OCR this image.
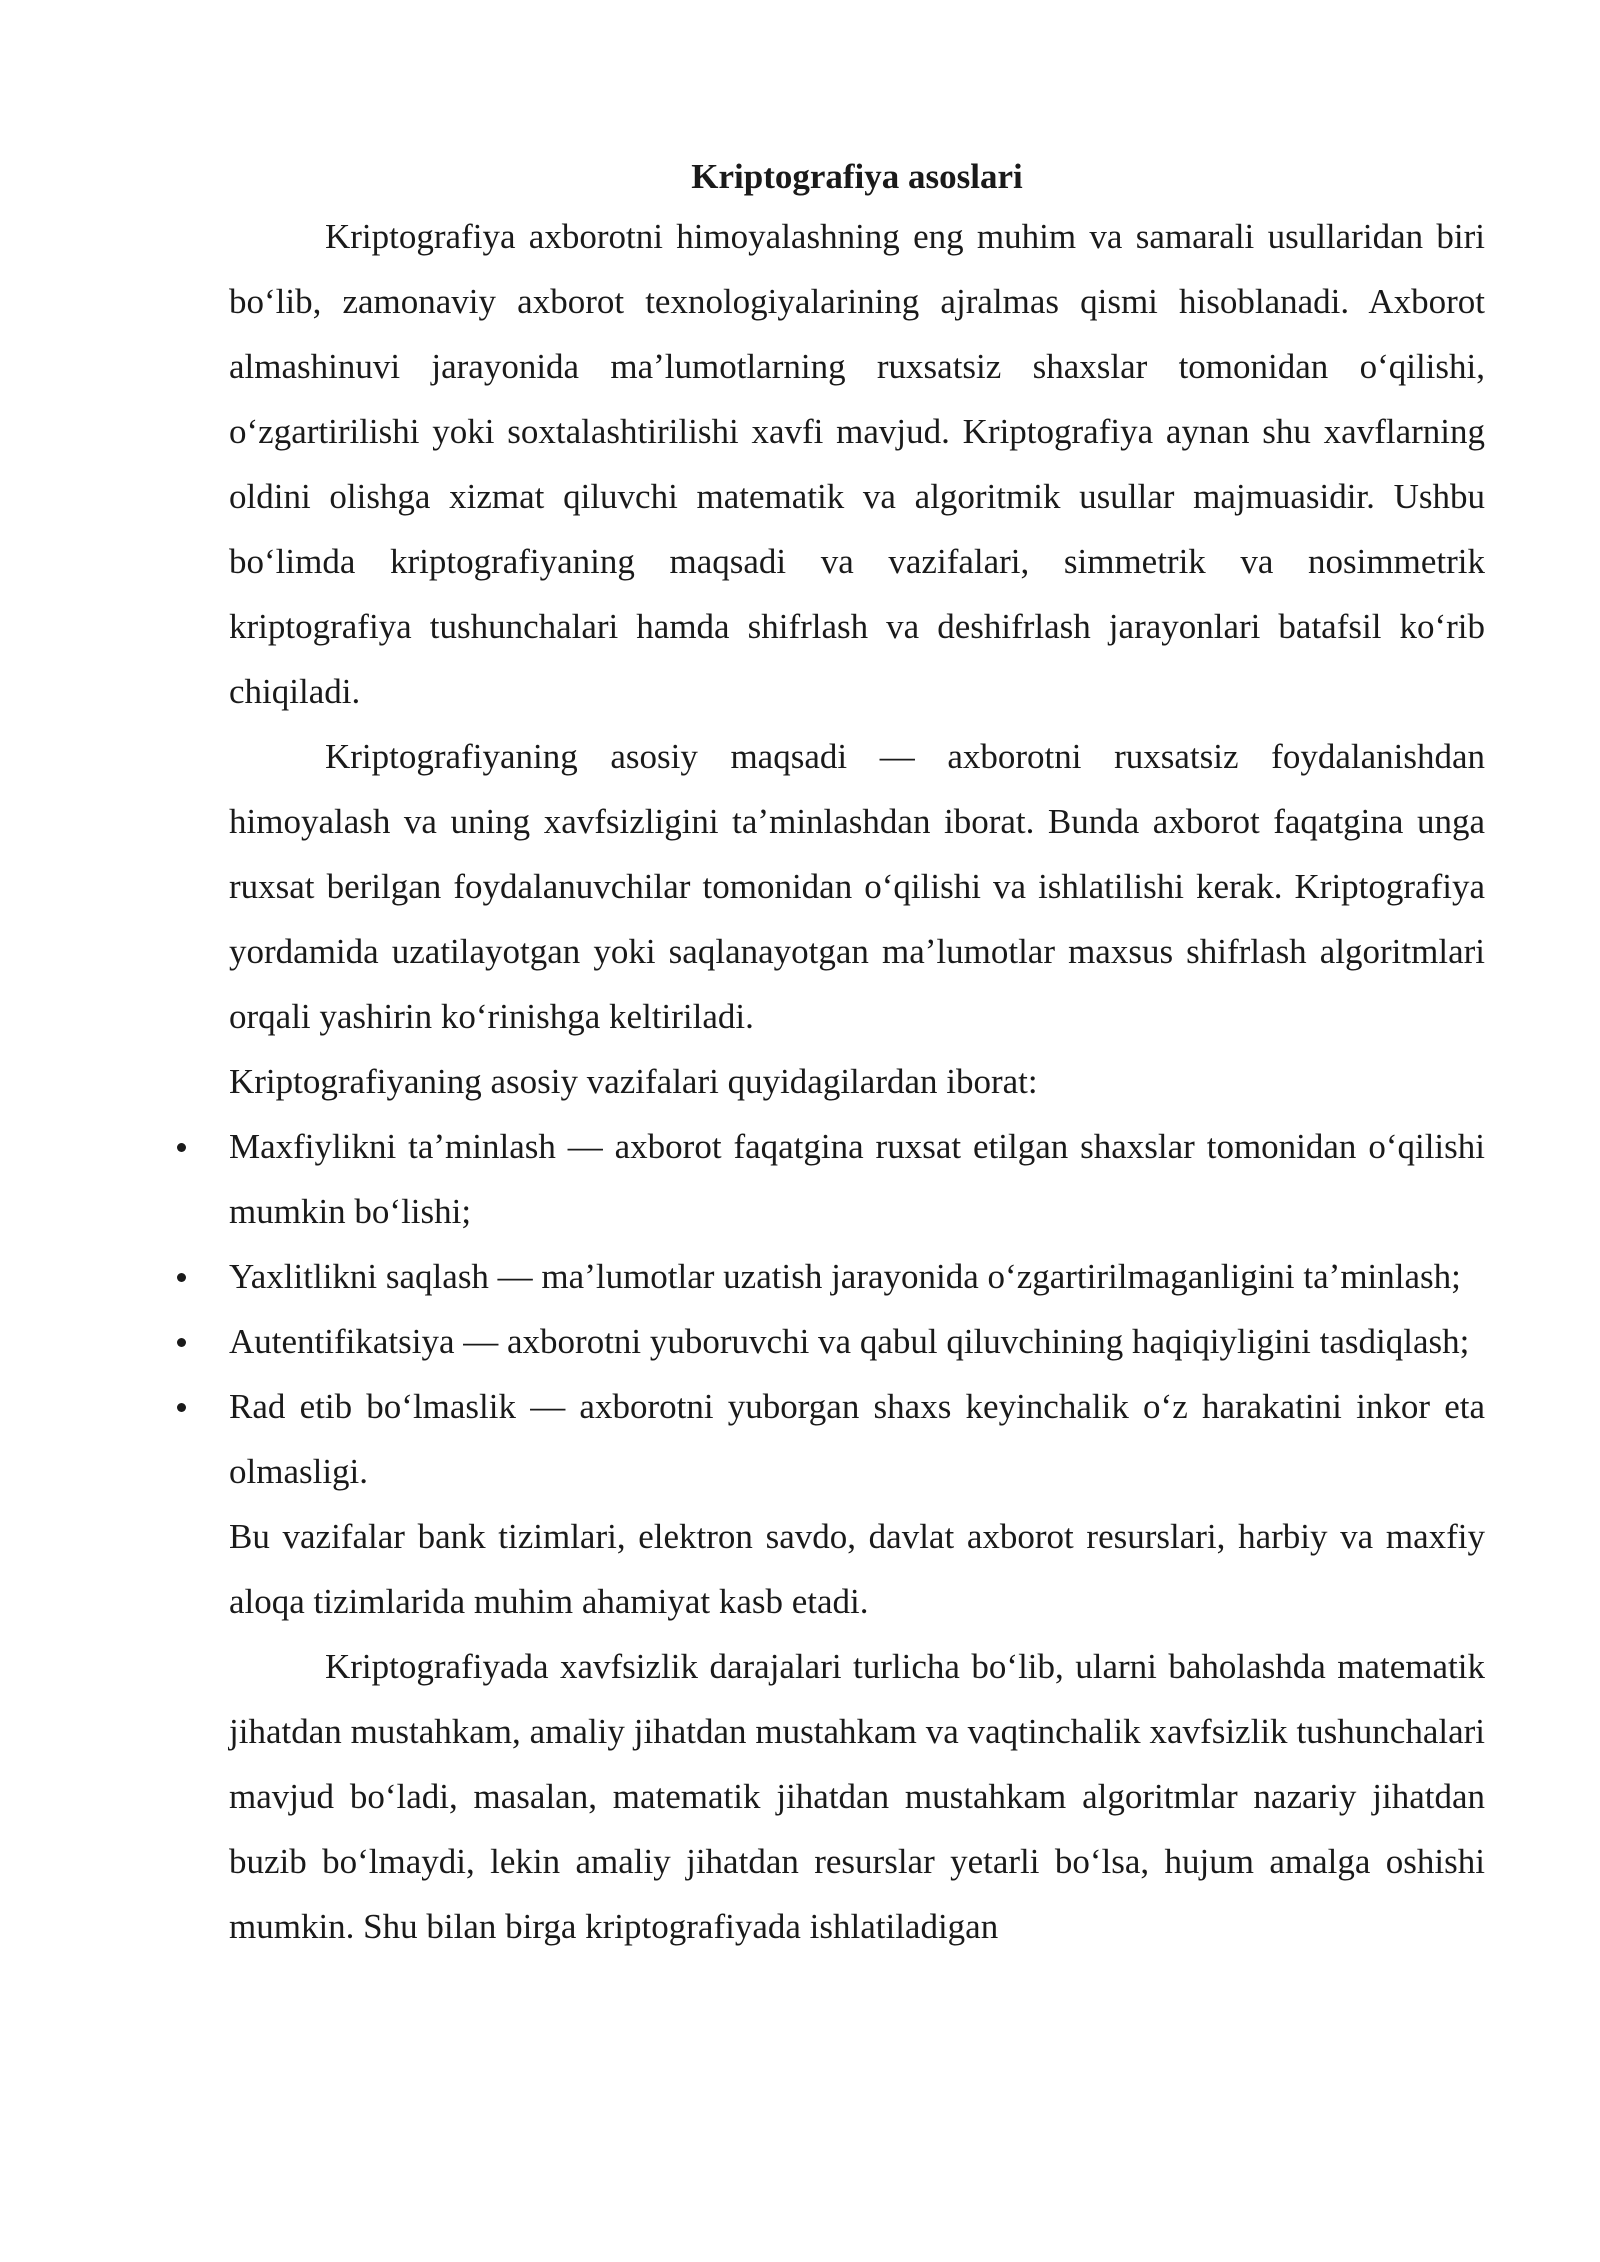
Kriptografiya asoslari

Kriptografiya axborotni himoyalashning eng muhim va samarali usullaridan biri boʻlib, zamonaviy axborot texnologiyalarining ajralmas qismi hisoblanadi. Axborot almashinuvi jarayonida maʼlumotlarning ruxsatsiz shaxslar tomonidan oʻqilishi, oʻzgartirilishi yoki soxtalashtirilishi xavfi mavjud. Kriptografiya aynan shu xavflarning oldini olishga xizmat qiluvchi matematik va algoritmik usullar majmuasidir. Ushbu boʻlimda kriptografiyaning maqsadi va vazifalari, simmetrik va nosimmetrik kriptografiya tushunchalari hamda shifrlash va deshifrlash jarayonlari batafsil koʻrib chiqiladi.

Kriptografiyaning asosiy maqsadi — axborotni ruxsatsiz foydalanishdan himoyalash va uning xavfsizligini taʼminlashdan iborat. Bunda axborot faqatgina unga ruxsat berilgan foydalanuvchilar tomonidan oʻqilishi va ishlatilishi kerak. Kriptografiya yordamida uzatilayotgan yoki saqlanayotgan maʼlumotlar maxsus shifrlash algoritmlari orqali yashirin koʻrinishga keltiriladi.

Kriptografiyaning asosiy vazifalari quyidagilardan iborat:

Maxfiylikni taʼminlash — axborot faqatgina ruxsat etilgan shaxslar tomonidan oʻqilishi mumkin boʻlishi;
Yaxlitlikni saqlash — maʼlumotlar uzatish jarayonida oʻzgartirilmaganligini taʼminlash;
Autentifikatsiya — axborotni yuboruvchi va qabul qiluvchining haqiqiyligini tasdiqlash;
Rad etib boʻlmaslik — axborotni yuborgan shaxs keyinchalik oʻz harakatini inkor eta olmasligi.

Bu vazifalar bank tizimlari, elektron savdo, davlat axborot resurslari, harbiy va maxfiy aloqa tizimlarida muhim ahamiyat kasb etadi.

Kriptografiyada xavfsizlik darajalari turlicha boʻlib, ularni baholashda matematik jihatdan mustahkam, amaliy jihatdan mustahkam va vaqtinchalik xavfsizlik tushunchalari mavjud boʻladi, masalan, matematik jihatdan mustahkam algoritmlar nazariy jihatdan buzib boʻlmaydi, lekin amaliy jihatdan resurslar yetarli boʻlsa, hujum amalga oshishi mumkin. Shu bilan birga kriptografiyada ishlatiladigan
